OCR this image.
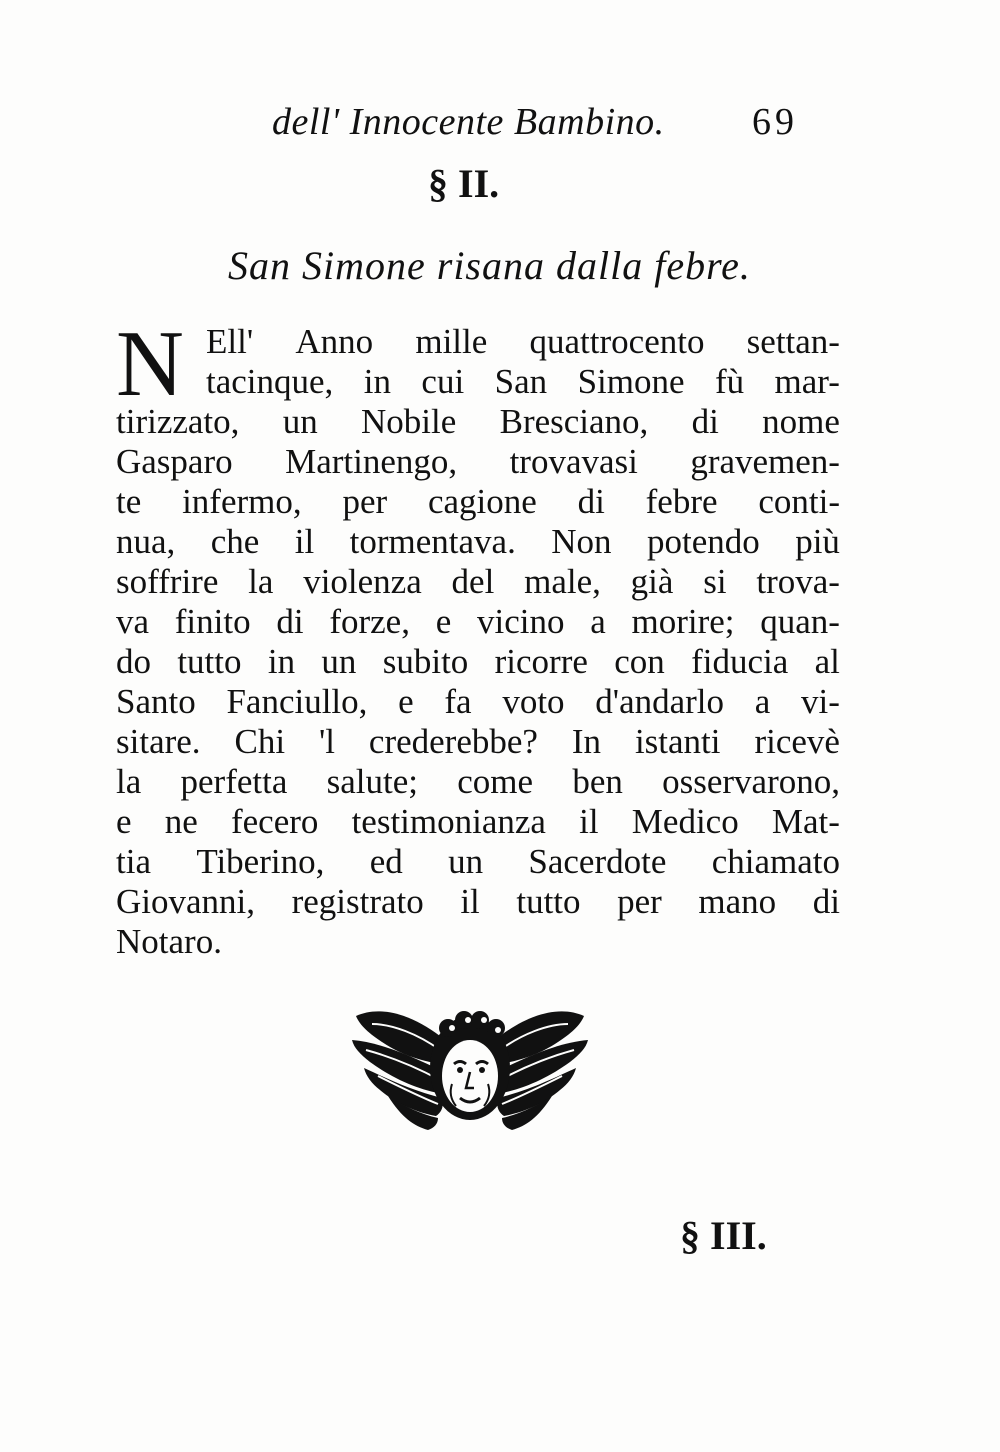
dell' Innocente Bambino. 69
§ II.
San Simone risana dalla febre.
N Ell' Anno mille quattrocento settan-
tacinque, in cui San Simone fù mar-
tirizzato, un Nobile Bresciano, di nome
Gasparo Martinengo, trovavasi gravemen-
te infermo, per cagione di febre conti-
nua, che il tormentava. Non potendo più
soffrire la violenza del male, già si trova-
va finito di forze, e vicino a morire; quan-
do tutto in un subito ricorre con fiducia al
Santo Fanciullo, e fa voto d'andarlo a vi-
sitare. Chi 'l crederebbe? In istanti ricevè
la perfetta salute; come ben osservarono,
e ne fecero testimonianza il Medico Mat-
tia Tiberino, ed un Sacerdote chiamato
Giovanni, registrato il tutto per mano di
Notaro.
§ III.
